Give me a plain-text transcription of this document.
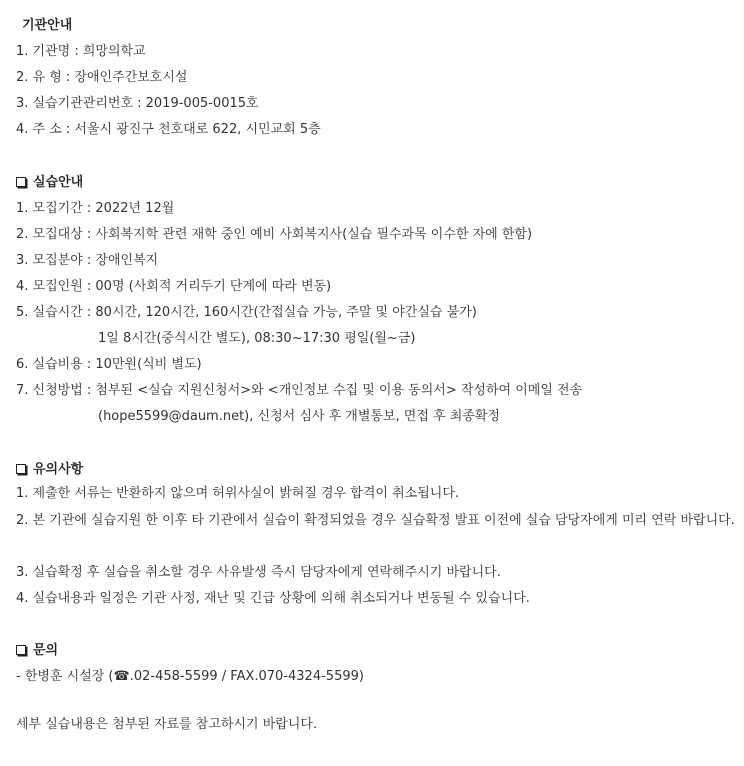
기관안내
1. 기관명 : 희망의학교
2. 유 형 : 장애인주간보호시설
3. 실습기관관리번호 : 2019-005-0015호
4. 주 소 : 서울시 광진구 천호대로 622, 시민교회 5층
실습안내
1. 모집기간 : 2022년 12월
2. 모집대상 : 사회복지학 관련 재학 중인 예비 사회복지사(실습 필수과목 이수한 자에 한함)
3. 모집분야 : 장애인복지
4. 모집인원 : 00명 (사회적 거리두기 단계에 따라 변동)
5. 실습시간 : 80시간, 120시간, 160시간(간접실습 가능, 주말 및 야간실습 불가)
1일 8시간(중식시간 별도), 08:30~17:30 평일(월~금)
6. 실습비용 : 10만원(식비 별도)
7. 신청방법 : 첨부된 <실습 지원신청서>와 <개인정보 수집 및 이용 동의서> 작성하여 이메일 전송
(hope5599@daum.net), 신청서 심사 후 개별통보, 면접 후 최종확정
유의사항
1. 제출한 서류는 반환하지 않으며 허위사실이 밝혀질 경우 합격이 취소됩니다.
2. 본 기관에 실습지원 한 이후 타 기관에서 실습이 확정되었을 경우 실습확정 발표 이전에 실습 담당자에게 미리 연락 바랍니다.
3. 실습확정 후 실습을 취소할 경우 사유발생 즉시 담당자에게 연락해주시기 바랍니다.
4. 실습내용과 일정은 기관 사정, 재난 및 긴급 상황에 의해 취소되거나 변동될 수 있습니다.
문의
- 한병훈 시설장 (☎.02-458-5599 / FAX.070-4324-5599)
세부 실습내용은 첨부된 자료를 참고하시기 바랍니다.
